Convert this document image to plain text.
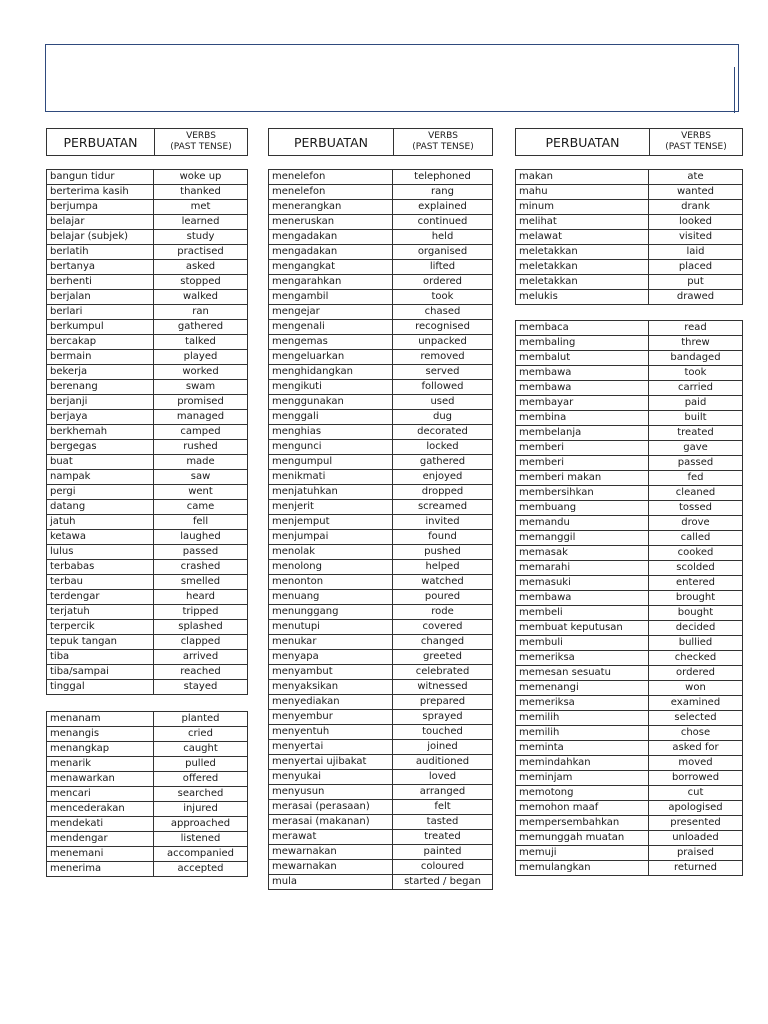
PERBUATAN	VERBS
(PAST TENSE)
bangun tidur	woke up
berterima kasih	thanked
berjumpa	met
belajar	learned
belajar (subjek)	study
berlatih	practised
bertanya	asked
berhenti	stopped
berjalan	walked
berlari	ran
berkumpul	gathered
bercakap	talked
bermain	played
bekerja	worked
berenang	swam
berjanji	promised
berjaya	managed
berkhemah	camped
bergegas	rushed
buat	made
nampak	saw
pergi	went
datang	came
jatuh	fell
ketawa	laughed
lulus	passed
terbabas	crashed
terbau	smelled
terdengar	heard
terjatuh	tripped
terpercik	splashed
tepuk tangan	clapped
tiba	arrived
tiba/sampai	reached
tinggal	stayed
menanam	planted
menangis	cried
menangkap	caught
menarik	pulled
menawarkan	offered
mencari	searched
mencederakan	injured
mendekati	approached
mendengar	listened
menemani	accompanied
menerima	accepted
PERBUATAN	VERBS
(PAST TENSE)
menelefon	telephoned
menelefon	rang
menerangkan	explained
meneruskan	continued
mengadakan	held
mengadakan	organised
mengangkat	lifted
mengarahkan	ordered
mengambil	took
mengejar	chased
mengenali	recognised
mengemas	unpacked
mengeluarkan	removed
menghidangkan	served
mengikuti	followed
menggunakan	used
menggali	dug
menghias	decorated
mengunci	locked
mengumpul	gathered
menikmati	enjoyed
menjatuhkan	dropped
menjerit	screamed
menjemput	invited
menjumpai	found
menolak	pushed
menolong	helped
menonton	watched
menuang	poured
menunggang	rode
menutupi	covered
menukar	changed
menyapa	greeted
menyambut	celebrated
menyaksikan	witnessed
menyediakan	prepared
menyembur	sprayed
menyentuh	touched
menyertai	joined
menyertai ujibakat	auditioned
menyukai	loved
menyusun	arranged
merasai (perasaan)	felt
merasai (makanan)	tasted
merawat	treated
mewarnakan	painted
mewarnakan	coloured
mula	started / began
PERBUATAN	VERBS
(PAST TENSE)
makan	ate
mahu	wanted
minum	drank
melihat	looked
melawat	visited
meletakkan	laid
meletakkan	placed
meletakkan	put
melukis	drawed
membaca	read
membaling	threw
membalut	bandaged
membawa	took
membawa	carried
membayar	paid
membina	built
membelanja	treated
memberi	gave
memberi	passed
memberi makan	fed
membersihkan	cleaned
membuang	tossed
memandu	drove
memanggil	called
memasak	cooked
memarahi	scolded
memasuki	entered
membawa	brought
membeli	bought
membuat keputusan	decided
membuli	bullied
memeriksa	checked
memesan sesuatu	ordered
memenangi	won
memeriksa	examined
memilih	selected
memilih	chose
meminta	asked for
memindahkan	moved
meminjam	borrowed
memotong	cut
memohon maaf	apologised
mempersembahkan	presented
memunggah muatan	unloaded
memuji	praised
memulangkan	returned
